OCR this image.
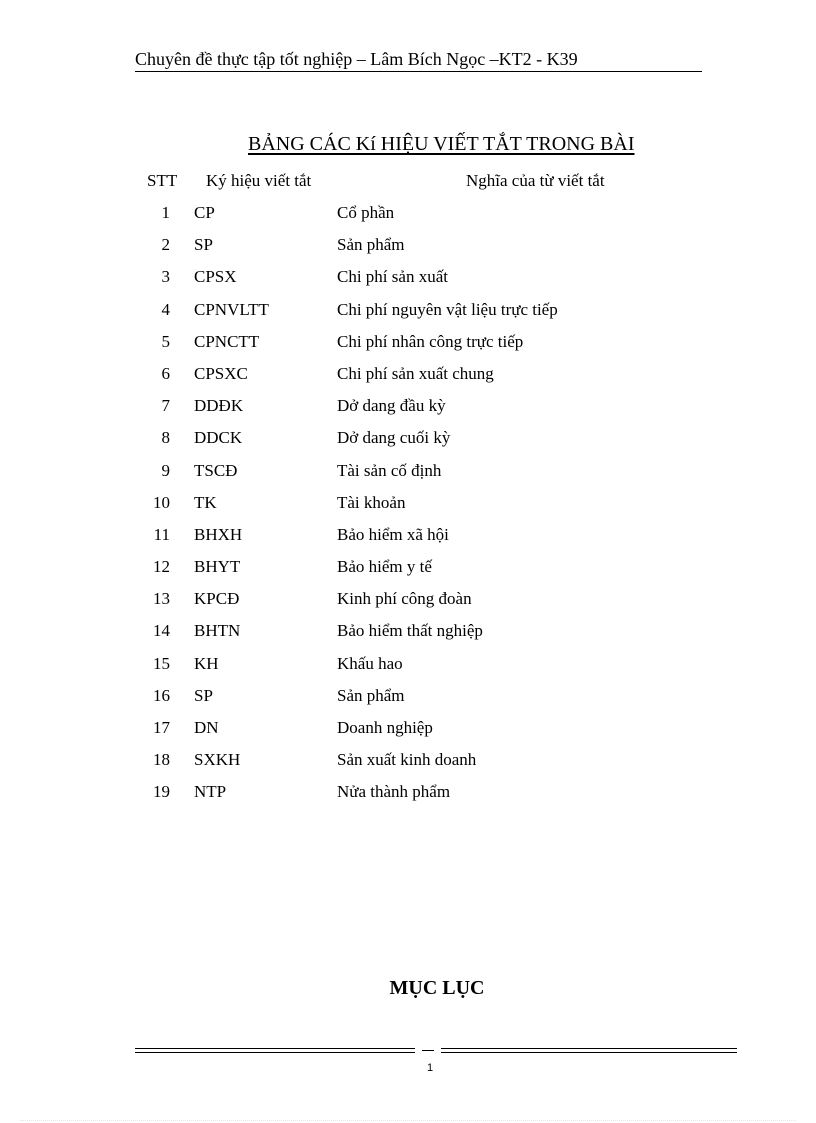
Chuyên đề thực tập tốt nghiệp – Lâm Bích Ngọc –KT2 - K39
BẢNG CÁC Kí HIỆU VIẾT TẮT TRONG BÀI
STT Ký hiệu viết tắt	Nghĩa của từ viết tắt
1 CP	Cổ phần
2 SP	Sản phẩm
3 CPSX	Chi phí sản xuất
4 CPNVLTT	Chi phí nguyên vật liệu trực tiếp
5 CPNCTT	Chi phí nhân công trực tiếp
6 CPSXC	Chi phí sản xuất chung
7 DDĐK	Dở dang đầu kỳ
8 DDCK	Dở dang cuối kỳ
9 TSCĐ	Tài sản cố định
10 TK	Tài khoản
11 BHXH	Bảo hiểm xã hội
12 BHYT	Bảo hiểm y tế
13 KPCĐ	Kinh phí công đoàn
14 BHTN	Bảo hiểm thất nghiệp
15 KH	Khấu hao
16 SP	Sản phẩm
17 DN	Doanh nghiệp
18 SXKH	Sản xuất kinh doanh
19 NTP	Nửa thành phẩm
MỤC LỤC
1
